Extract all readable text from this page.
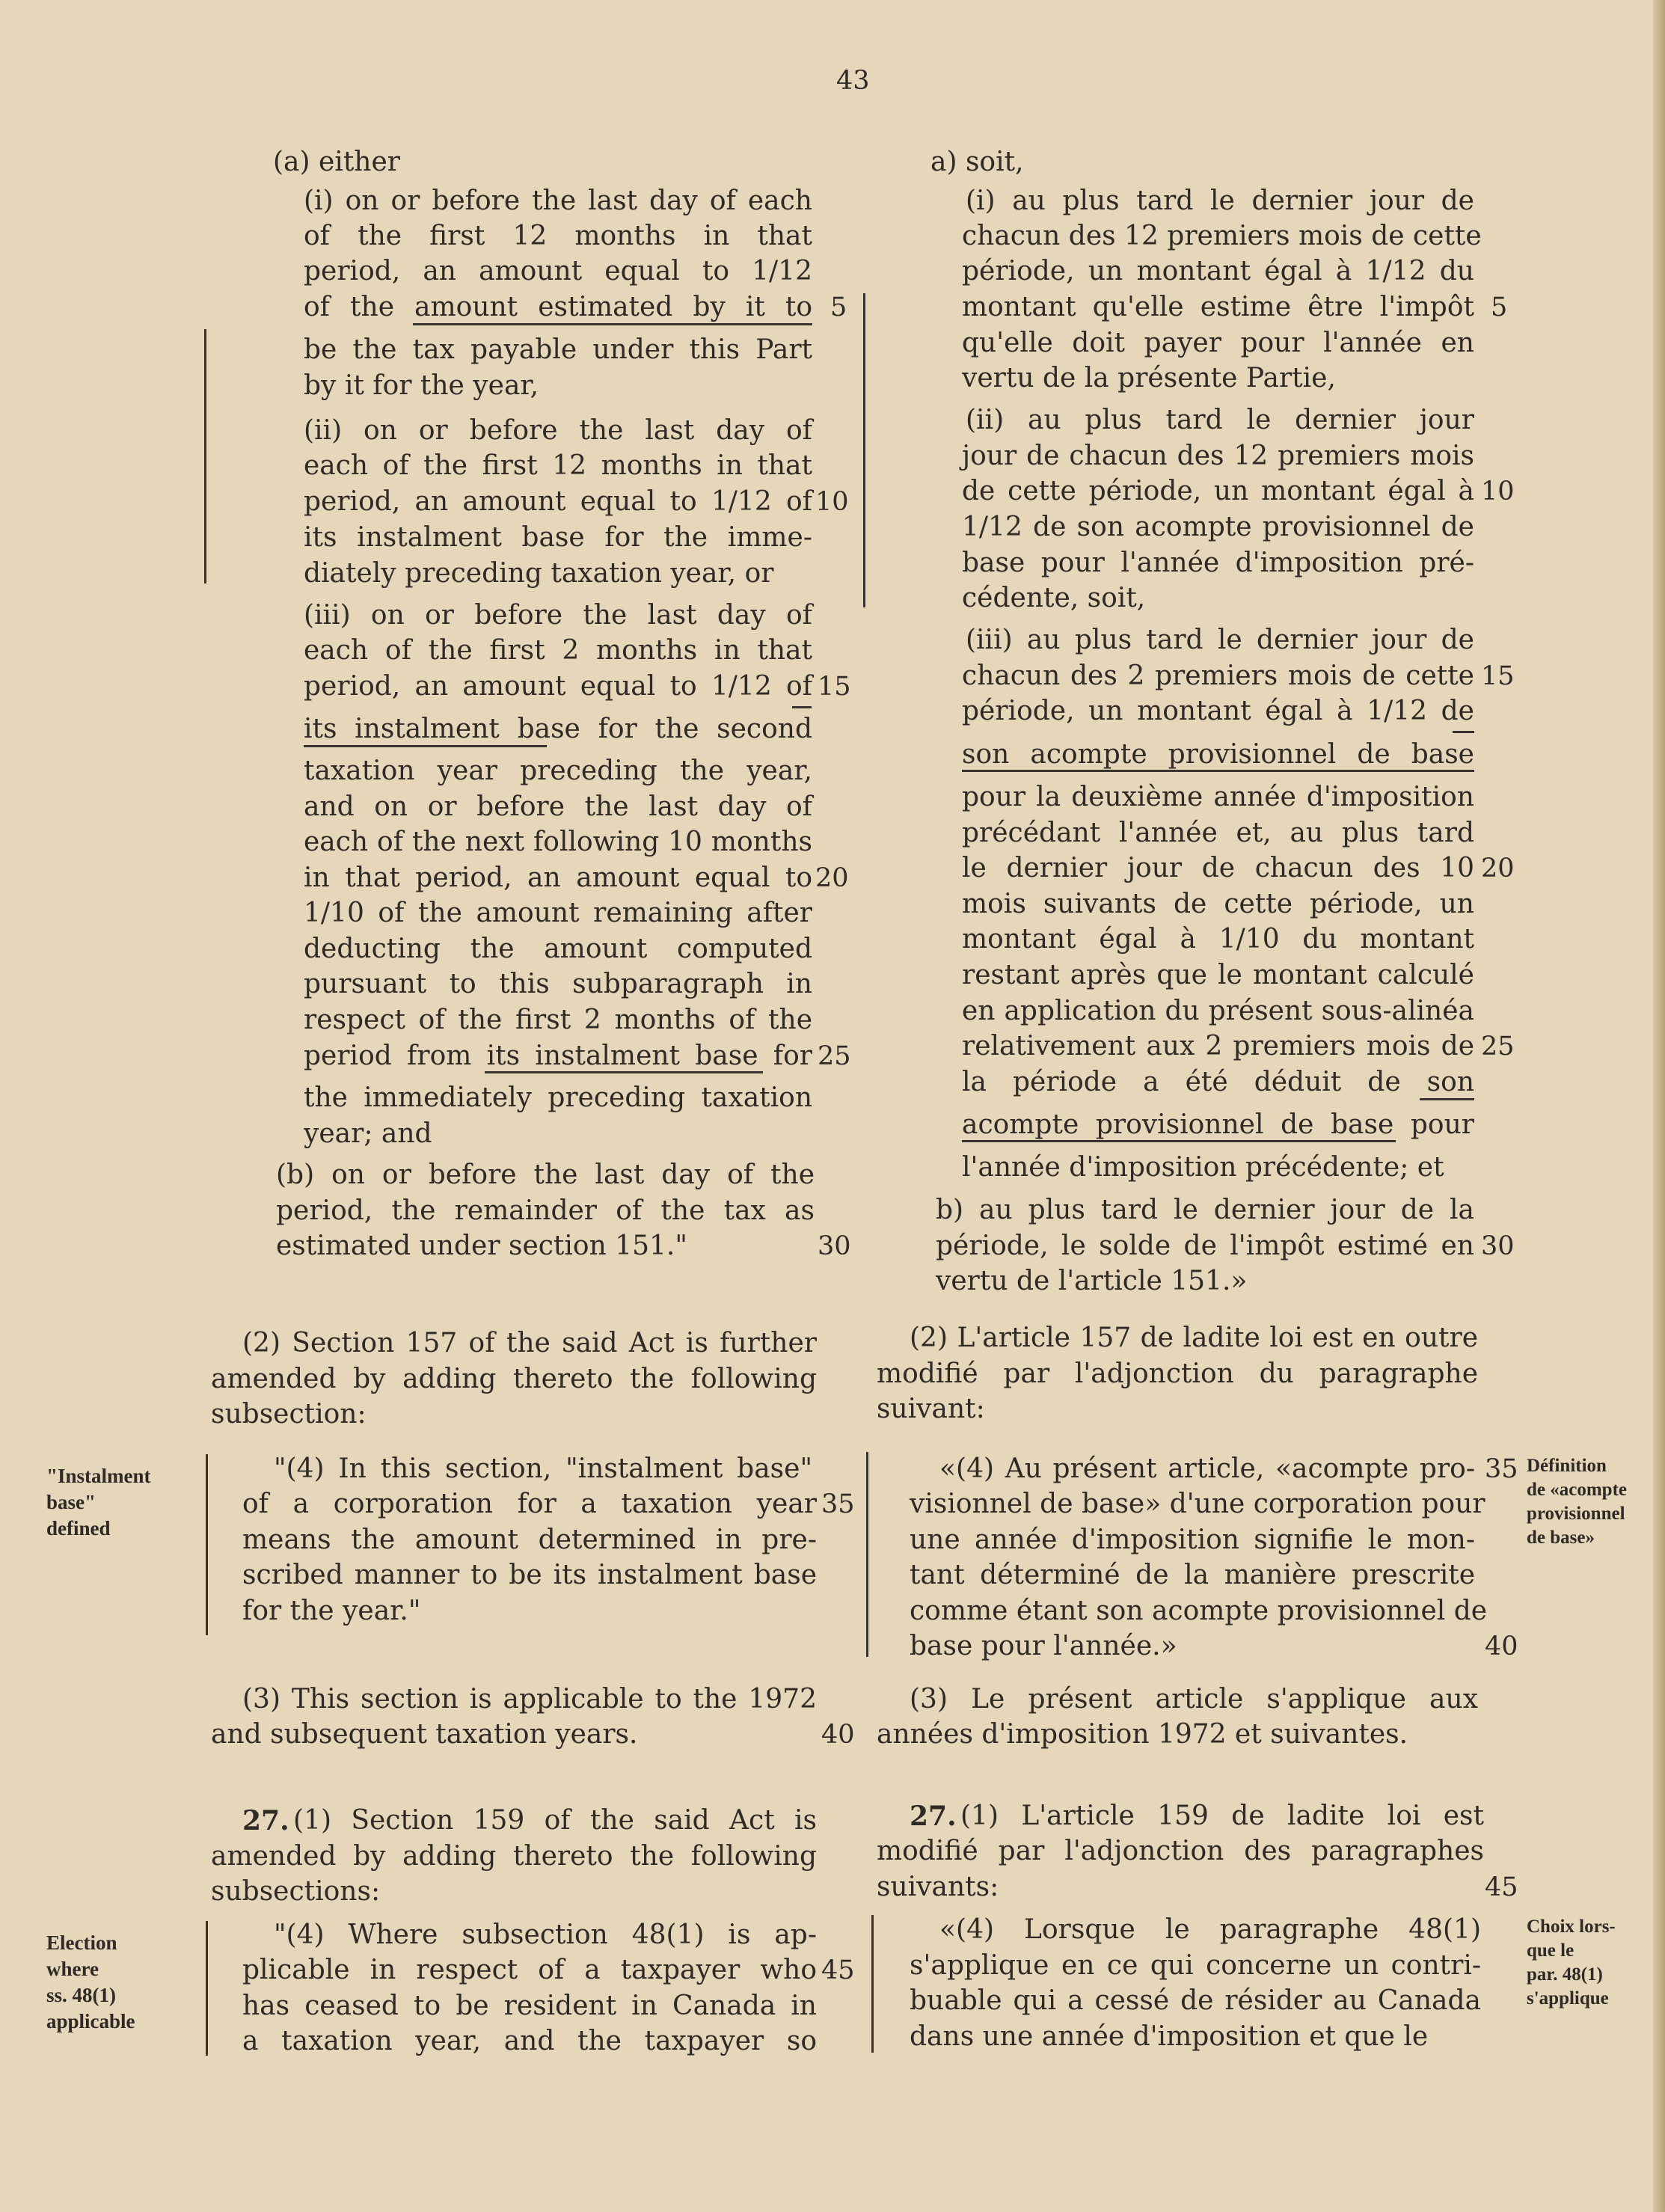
43
(a) either
(i) on or before the last day of each
of the first 12 months in that
period, an amount equal to 1/12
of the amount estimated by it to
be the tax payable under this Part
by it for the year,
(ii) on or before the last day of
each of the first 12 months in that
period, an amount equal to 1/12 of
its instalment base for the imme-
diately preceding taxation year, or
(iii) on or before the last day of
each of the first 2 months in that
period, an amount equal to 1/12 of
its instalment base for the second
taxation year preceding the year,
and on or before the last day of
each of the next following 10 months
in that period, an amount equal to
1/10 of the amount remaining after
deducting the amount computed
pursuant to this subparagraph in
respect of the first 2 months of the
period from its instalment base for
the immediately preceding taxation
year; and
(b) on or before the last day of the
period, the remainder of the tax as
estimated under section 151."
(2) Section 157 of the said Act is further
amended by adding thereto the following
subsection:
"(4) In this section, "instalment base"
of a corporation for a taxation year
means the amount determined in pre-
scribed manner to be its instalment base
for the year."
(3) This section is applicable to the 1972
and subsequent taxation years.
27. (1) Section 159 of the said Act is
amended by adding thereto the following
subsections:
"(4) Where subsection 48(1) is ap-
plicable in respect of a taxpayer who
has ceased to be resident in Canada in
a taxation year, and the taxpayer so
5
10
15
20
25
30
35
40
45
a) soit,
(i) au plus tard le dernier jour de
chacun des 12 premiers mois de cette
période, un montant égal à 1/12 du
montant qu'elle estime être l'impôt
qu'elle doit payer pour l'année en
vertu de la présente Partie,
(ii) au plus tard le dernier jour
jour de chacun des 12 premiers mois
de cette période, un montant égal à
1/12 de son acompte provisionnel de
base pour l'année d'imposition pré-
cédente, soit,
(iii) au plus tard le dernier jour de
chacun des 2 premiers mois de cette
période, un montant égal à 1/12 de
son acompte provisionnel de base
pour la deuxième année d'imposition
précédant l'année et, au plus tard
le dernier jour de chacun des 10
mois suivants de cette période, un
montant égal à 1/10 du montant
restant après que le montant calculé
en application du présent sous-alinéa
relativement aux 2 premiers mois de
la période a été déduit de son
acompte provisionnel de base pour
l'année d'imposition précédente; et
b) au plus tard le dernier jour de la
période, le solde de l'impôt estimé en
vertu de l'article 151.»
(2) L'article 157 de ladite loi est en outre
modifié par l'adjonction du paragraphe
suivant:
«(4) Au présent article, «acompte pro-
visionnel de base» d'une corporation pour
une année d'imposition signifie le mon-
tant déterminé de la manière prescrite
comme étant son acompte provisionnel de
base pour l'année.»
(3) Le présent article s'applique aux
années d'imposition 1972 et suivantes.
27. (1) L'article 159 de ladite loi est
modifié par l'adjonction des paragraphes
suivants:
«(4) Lorsque le paragraphe 48(1)
s'applique en ce qui concerne un contri-
buable qui a cessé de résider au Canada
dans une année d'imposition et que le
5
10
15
20
25
30
35
40
45
"Instalment
base"
defined
Election
where
ss. 48(1)
applicable
Définition
de «acompte
provisionnel
de base»
Choix lors-
que le
par. 48(1)
s'applique
